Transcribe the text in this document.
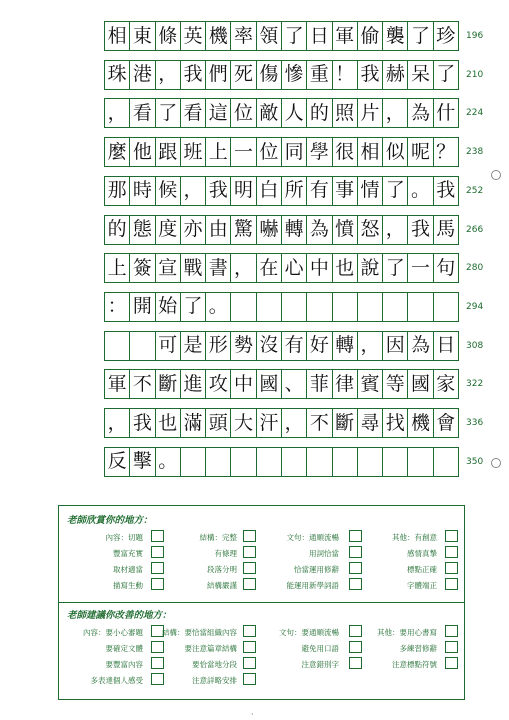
相 東 條 英 機 率 領 了 日 軍 偷 襲 了 珍 196
珠 港 ， 我 們 死 傷 慘 重 ！ 我 赫 呆 了 210
， 看 了 看 這 位 敵 人 的 照 片 ， 為 什 224
麼 他 跟 班 上 一 位 同 學 很 相 似 呢 ？ 238
那 時 候 ， 我 明 白 所 有 事 情 了 。 我 252
的 態 度 亦 由 驚 嚇 轉 為 憤 怒 ， 我 馬 266
上 簽 宣 戰 書 ， 在 心 中 也 說 了 一 句 280
： 開 始 了 。	294
可 是 形 勢 沒 有 好 轉 ， 因 為 日 308
軍 不 斷 進 攻 中 國 、 菲 律 賓 等 國 家 322
， 我 也 滿 頭 大 汗 ， 不 斷 尋 找 機 會 336
反 擊 。	350
老師欣賞你的地方：
內容：切題	結構：完整	文句：通順流暢	其他：有創意
豐富充實	有條理	用詞恰當	感情真摯
取材適當	段落分明	恰當運用修辭	標點正確
描寫生動	結構嚴謹	能運用新學詞語	字體端正
老師建議你改善的地方：
內容：要小心審題	結構：要恰當組織內容	文句：要通順流暢	其他：要用心書寫
要確定文體	要注意篇章結構	避免用口語	多練習修辭
要豐富內容	要恰當地分段	注意錯別字	注意標點符號
多表達個人感受	注意詳略安排
·
